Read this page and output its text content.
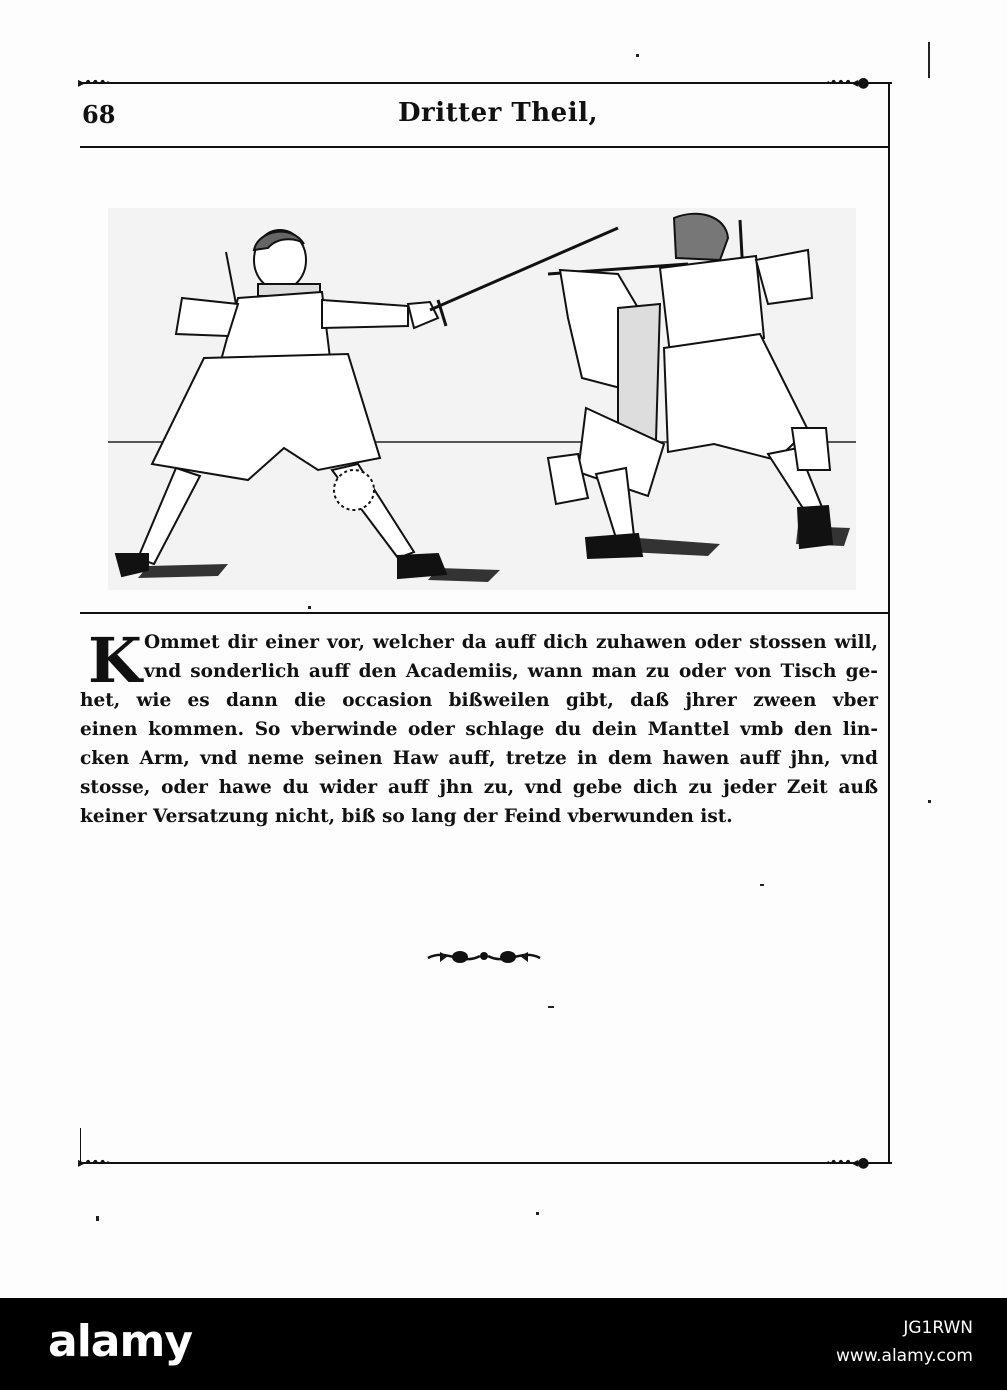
▸•••·	·•••◂●
68	Dritter Theil,
K Ommet dir einer vor, welcher da auff dich zuhawen oder stossen will,
vnd sonderlich auff den Academiis, wann man zu oder von Tisch ge-
het, wie es dann die occasion bißweilen gibt, daß jhrer zween vber
einen kommen. So vberwinde oder schlage du dein Manttel vmb den lin-
cken Arm, vnd neme seinen Haw auff, tretze in dem hawen auff jhn, vnd
stosse, oder hawe du wider auff jhn zu, vnd gebe dich zu jeder Zeit auß
keiner Versatzung nicht, biß so lang der Feind vberwunden ist.
▸•••·	·•••◂●
alamy	JG1RWN
www.alamy.com
